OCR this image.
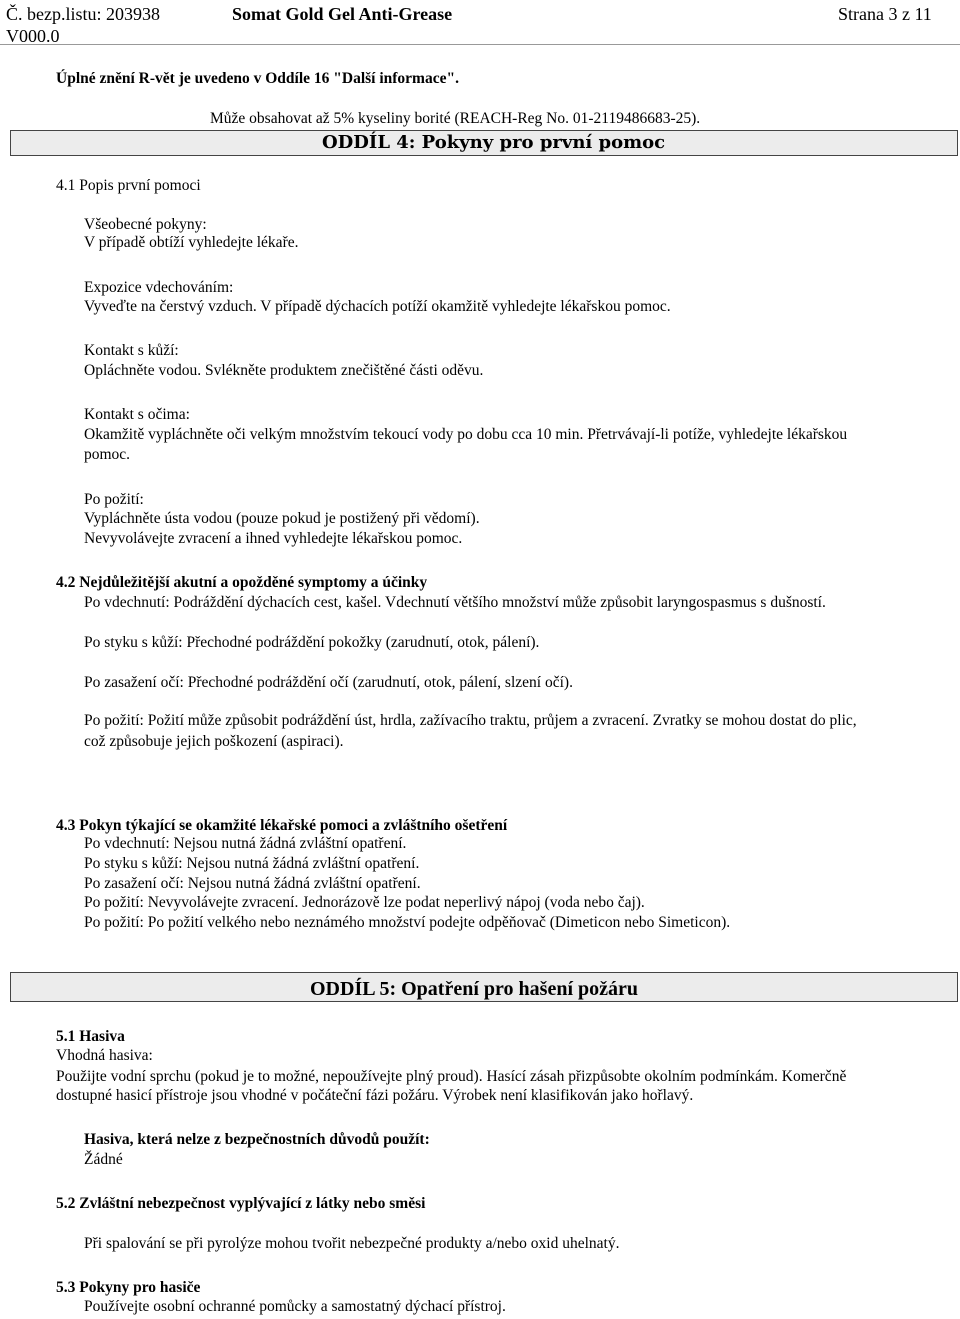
Č. bezp.listu: 203938
V000.0
Somat Gold Gel Anti-Grease	Strana 3 z 11
Úplné znění R-vět je uvedeno v Oddíle 16 "Další informace".
Může obsahovat až 5% kyseliny borité (REACH-Reg No. 01-2119486683-25).
ODDÍL 4: Pokyny pro první pomoc
4.1 Popis první pomoci
Všeobecné pokyny:
V případě obtíží vyhledejte lékaře.
Expozice vdechováním:
Vyveďte na čerstvý vzduch. V případě dýchacích potíží okamžitě vyhledejte lékařskou pomoc.
Kontakt s kůží:
Opláchněte vodou. Svlékněte produktem znečištěné části oděvu.
Kontakt s očima:
Okamžitě vypláchněte oči velkým množstvím tekoucí vody po dobu cca 10 min. Přetrvávají-li potíže, vyhledejte lékařskou
pomoc.
Po požití:
Vypláchněte ústa vodou (pouze pokud je postižený při vědomí).
Nevyvolávejte zvracení a ihned vyhledejte lékařskou pomoc.
4.2 Nejdůležitější akutní a opožděné symptomy a účinky
Po vdechnutí: Podráždění dýchacích cest, kašel. Vdechnutí většího množství může způsobit laryngospasmus s dušností.
Po styku s kůží: Přechodné podráždění pokožky (zarudnutí, otok, pálení).
Po zasažení očí: Přechodné podráždění očí (zarudnutí, otok, pálení, slzení očí).
Po požití: Požití může způsobit podráždění úst, hrdla, zažívacího traktu, průjem a zvracení. Zvratky se mohou dostat do plic,
což způsobuje jejich poškození (aspiraci).
4.3 Pokyn týkající se okamžité lékařské pomoci a zvláštního ošetření
Po vdechnutí: Nejsou nutná žádná zvláštní opatření.
Po styku s kůží: Nejsou nutná žádná zvláštní opatření.
Po zasažení očí: Nejsou nutná žádná zvláštní opatření.
Po požití: Nevyvolávejte zvracení. Jednorázově lze podat neperlivý nápoj (voda nebo čaj).
Po požití: Po požití velkého nebo neznámého množství podejte odpěňovač (Dimeticon nebo Simeticon).
ODDÍL 5: Opatření pro hašení požáru
5.1 Hasiva
Vhodná hasiva:
Použijte vodní sprchu (pokud je to možné, nepoužívejte plný proud). Hasící zásah přizpůsobte okolním podmínkám. Komerčně
dostupné hasicí přístroje jsou vhodné v počáteční fázi požáru. Výrobek není klasifikován jako hořlavý.
Hasiva, která nelze z bezpečnostních důvodů použít:
Žádné
5.2 Zvláštní nebezpečnost vyplývající z látky nebo směsi
Při spalování se při pyrolýze mohou tvořit nebezpečné produkty a/nebo oxid uhelnatý.
5.3 Pokyny pro hasiče
Používejte osobní ochranné pomůcky a samostatný dýchací přístroj.
